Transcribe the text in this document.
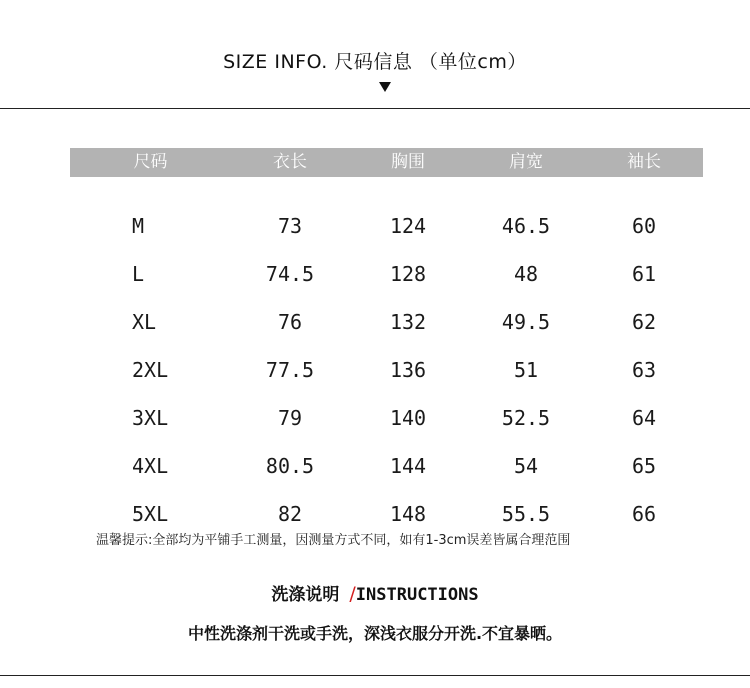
SIZE INFO. 尺码信息 （单位cm）
尺码	衣长	胸围	肩宽	袖长
M	73	124	46.5	60
L	74.5	128	48	61
XL	76	132	49.5	62
2XL	77.5	136	51	63
3XL	79	140	52.5	64
4XL	80.5	144	54	65
5XL	82	148	55.5	66
温馨提示:全部均为平铺手工测量，因测量方式不同，如有1-3cm误差皆属合理范围
洗涤说明 /INSTRUCTIONS
中性洗涤剂干洗或手洗，深浅衣服分开洗.不宜暴晒。
